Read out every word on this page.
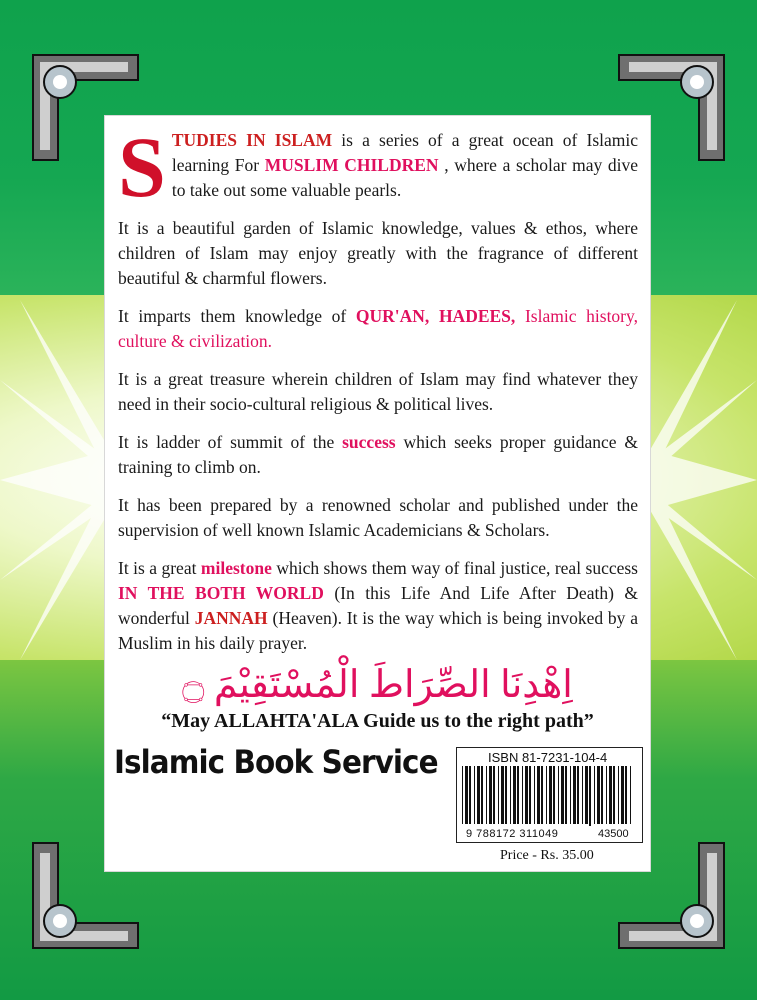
STUDIES IN ISLAM is a series of a great ocean of Islamic learning For MUSLIM CHILDREN , where a scholar may dive to take out some valuable pearls.

It is a beautiful garden of Islamic knowledge, values & ethos, where children of Islam may enjoy greatly with the fragrance of different beautiful & charmful flowers.

It imparts them knowledge of QUR'AN, HADEES, Islamic history, culture & civilization.

It is a great treasure wherein children of Islam may find whatever they need in their socio-cultural religious & political lives.

It is ladder of summit of the success which seeks proper guidance & training to climb on.

It has been prepared by a renowned scholar and published under the supervision of well known Islamic Academicians & Scholars.

It is a great milestone which shows them way of final justice, real success IN THE BOTH WORLD (In this Life And Life After Death) & wonderful JANNAH (Heaven). It is the way which is being invoked by a Muslim in his daily prayer.

اِهْدِنَا الصِّرَاطَ الْمُسْتَقِيْمَ ۝
“May ALLAHTA'ALA Guide us to the right path”
Islamic Book Service	ISBN 81-7231-104-4
9 788172 311049	43500
Price - Rs. 35.00
